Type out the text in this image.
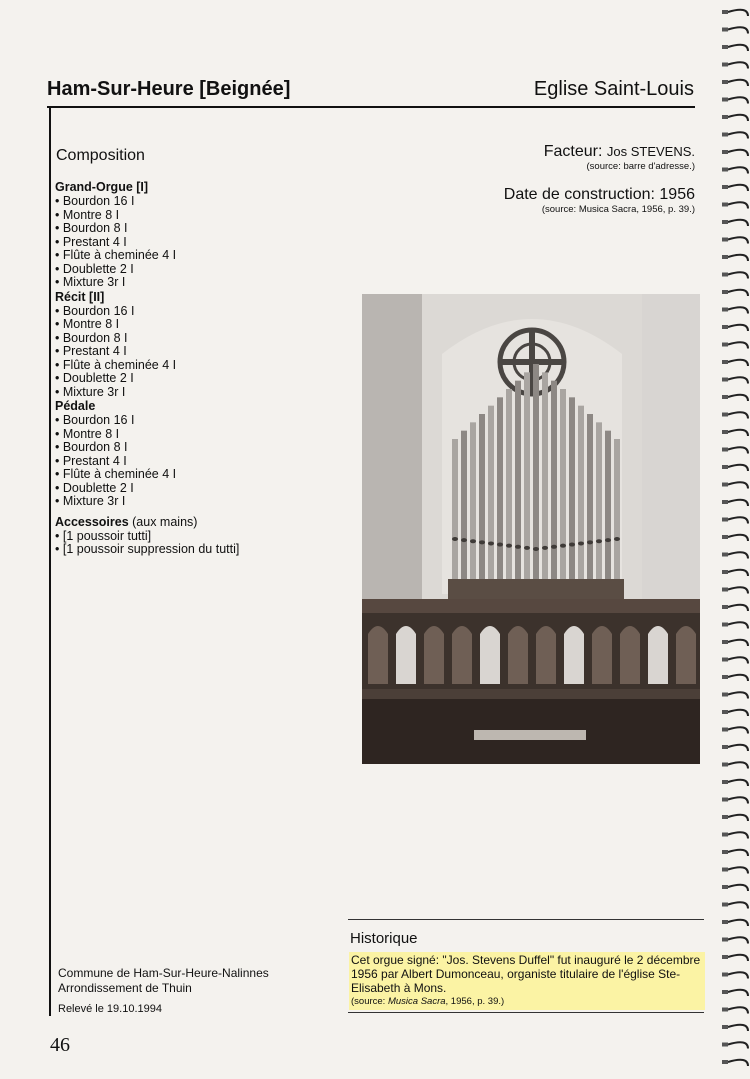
Ham-Sur-Heure [Beignée]	Eglise Saint-Louis
Composition
Grand-Orgue [I]
• Bourdon 16 I
• Montre 8 I
• Bourdon 8 I
• Prestant 4 I
• Flûte à cheminée 4 I
• Doublette 2 I
• Mixture 3r I
Récit [II]
• Bourdon 16 I
• Montre 8 I
• Bourdon 8 I
• Prestant 4 I
• Flûte à cheminée 4 I
• Doublette 2 I
• Mixture 3r I
Pédale
• Bourdon 16 I
• Montre 8 I
• Bourdon 8 I
• Prestant 4 I
• Flûte à cheminée 4 I
• Doublette 2 I
• Mixture 3r I
Accessoires (aux mains)
• [1 poussoir tutti]
• [1 poussoir suppression du tutti]
Facteur: Jos STEVENS.
(source: barre d'adresse.)
Date de construction: 1956
(source: Musica Sacra, 1956, p. 39.)
Historique
Cet orgue signé: "Jos. Stevens Duffel" fut inauguré le 2 décembre 1956 par Albert Dumonceau, organiste titulaire de l'église Ste-Elisabeth à Mons.
(source: Musica Sacra, 1956, p. 39.)
Commune de Ham-Sur-Heure-Nalinnes
Arrondissement de Thuin
Relevé le 19.10.1994
46
